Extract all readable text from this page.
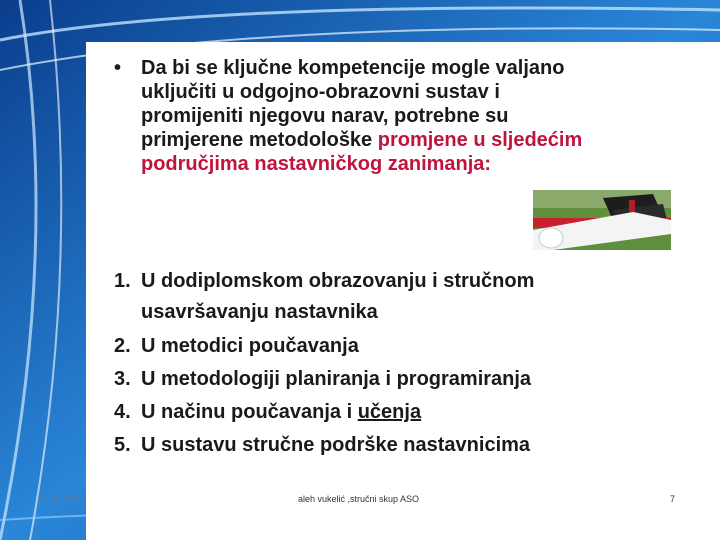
• Da bi se ključne kompetencije mogle valjano uključiti u odgojno-obrazovni sustav i promijeniti njegovu narav, potrebne su primjerene metodološke promjene u sljedećim područjima nastavničkog zanimanja:
1. U dodiplomskom obrazovanju i stručnom usavršavanju nastavnika
2. U metodici poučavanja
3. U metodologiji planiranja i programiranja
4. U načinu poučavanja i učenja
5. U sustavu stručne podrške nastavnicima
31.03.2009.	aleh vukelić ,stručni skup ASO	7
